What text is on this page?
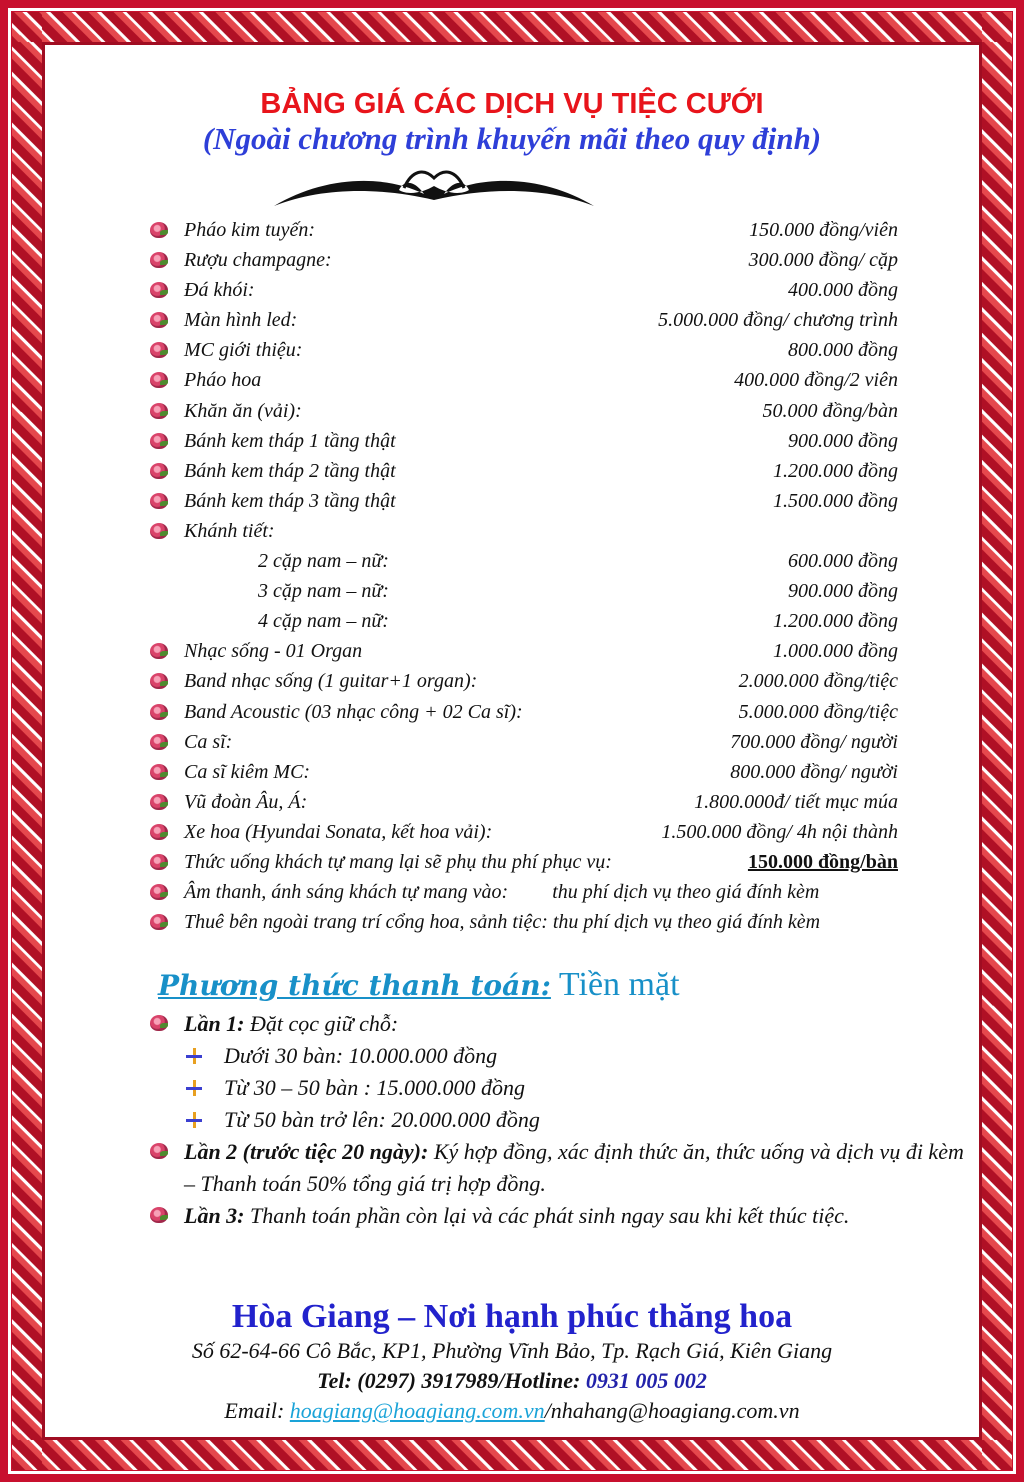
BẢNG GIÁ CÁC DỊCH VỤ TIỆC CƯỚI
(Ngoài chương trình khuyến mãi theo quy định)
Pháo kim tuyến:	150.000 đồng/viên
Rượu champagne:	300.000 đồng/ cặp
Đá khói:	400.000 đồng
Màn hình led:	5.000.000 đồng/ chương trình
MC giới thiệu:	800.000 đồng
Pháo hoa	400.000 đồng/2 viên
Khăn ăn (vải):	50.000 đồng/bàn
Bánh kem tháp 1 tầng thật	900.000 đồng
Bánh kem tháp 2 tầng thật	1.200.000 đồng
Bánh kem tháp 3 tầng thật	1.500.000 đồng
Khánh tiết:
2 cặp nam – nữ:	600.000 đồng
3 cặp nam – nữ:	900.000 đồng
4 cặp nam – nữ:	1.200.000 đồng
Nhạc sống - 01 Organ	1.000.000 đồng
Band nhạc sống (1 guitar+1 organ):	2.000.000 đồng/tiệc
Band Acoustic (03 nhạc công + 02 Ca sĩ):	5.000.000 đồng/tiệc
Ca sĩ:	700.000 đồng/ người
Ca sĩ kiêm MC:	800.000 đồng/ người
Vũ đoàn Âu, Á:	1.800.000đ/ tiết mục múa
Xe hoa (Hyundai Sonata, kết hoa vải):	1.500.000 đồng/ 4h nội thành
Thức uống khách tự mang lại sẽ phụ thu phí phục vụ:	150.000 đồng/bàn
Âm thanh, ánh sáng khách tự mang vào: thu phí dịch vụ theo giá đính kèm
Thuê bên ngoài trang trí cổng hoa, sảnh tiệc: thu phí dịch vụ theo giá đính kèm
Phương thức thanh toán: Tiền mặt
Lần 1: Đặt cọc giữ chỗ:
Dưới 30 bàn: 10.000.000 đồng
Từ 30 – 50 bàn : 15.000.000 đồng
Từ 50 bàn trở lên: 20.000.000 đồng
Lần 2 (trước tiệc 20 ngày): Ký hợp đồng, xác định thức ăn, thức uống và dịch vụ đi kèm – Thanh toán 50% tổng giá trị hợp đồng.
Lần 3: Thanh toán phần còn lại và các phát sinh ngay sau khi kết thúc tiệc.
Hòa Giang – Nơi hạnh phúc thăng hoa
Số 62-64-66 Cô Bắc, KP1, Phường Vĩnh Bảo, Tp. Rạch Giá, Kiên Giang
Tel: (0297) 3917989/Hotline: 0931 005 002
Email: hoagiang@hoagiang.com.vn/nhahang@hoagiang.com.vn
